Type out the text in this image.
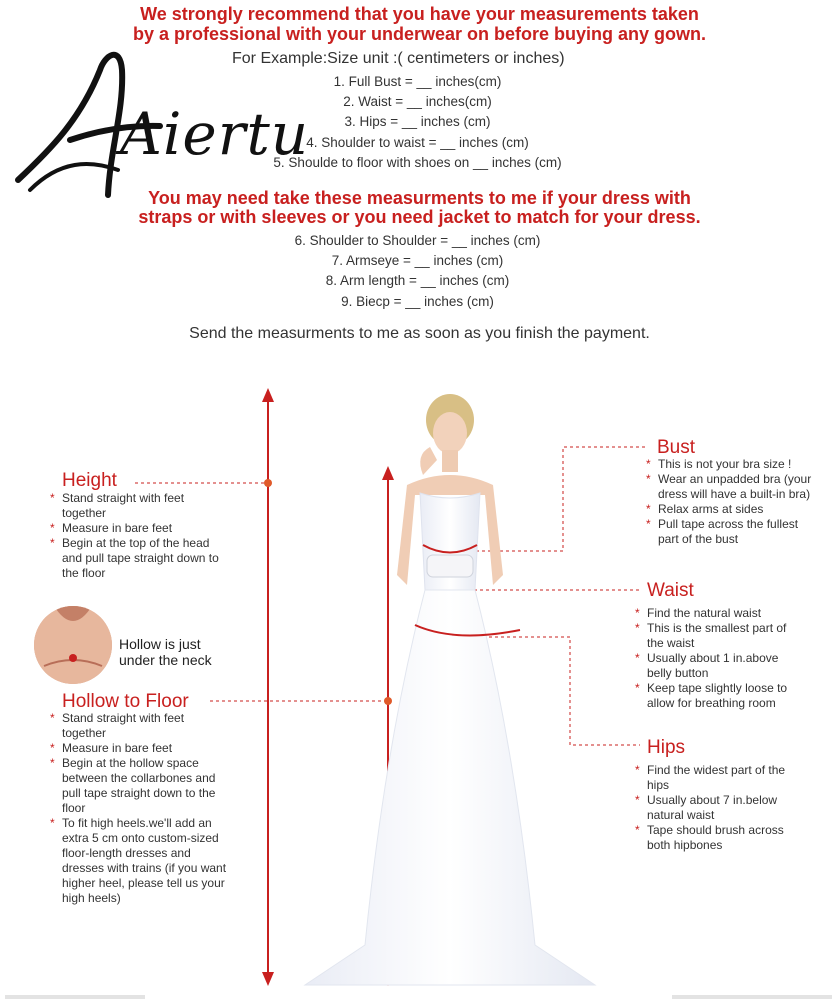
Aiertu
We strongly recommend that you have your measurements taken
by a professional with your underwear on before buying any gown.
For Example:Size unit :( centimeters or inches)
1. Full Bust = __ inches(cm)
2. Waist = __ inches(cm)
3. Hips = __ inches (cm)
4. Shoulder to waist = __ inches (cm)
5. Shoulde to floor with shoes on __ inches (cm)
You may need take these measurments to me if your dress with
straps or with sleeves or you need jacket to match for your dress.
6. Shoulder to Shoulder = __ inches (cm)
7. Armseye = __ inches (cm)
8. Arm length = __ inches (cm)
9. Biecp = __ inches (cm)
Send the measurments to me as soon as you finish the payment.
Height
* Stand straight with feet together
* Measure in bare feet
* Begin at the top of the head and pull tape straight down to the floor
Hollow is just under the neck
Hollow to Floor
* Stand straight with feet together
* Measure in bare feet
* Begin at the hollow space between the collarbones and pull tape straight down to the floor
* To fit high heels.we'll add an extra 5 cm onto custom-sized floor-length dresses and dresses with trains (if you want higher heel, please tell us your high heels)
Bust
* This is not your bra size !
* Wear an unpadded bra (your dress will have a built-in bra)
* Relax arms at sides
* Pull tape across the fullest part of the bust
Waist
* Find the natural waist
* This is the smallest part of the waist
* Usually about 1 in.above belly button
* Keep tape slightly loose to allow for breathing room
Hips
* Find the widest part of the hips
* Usually about 7 in.below natural waist
* Tape should brush across both hipbones
